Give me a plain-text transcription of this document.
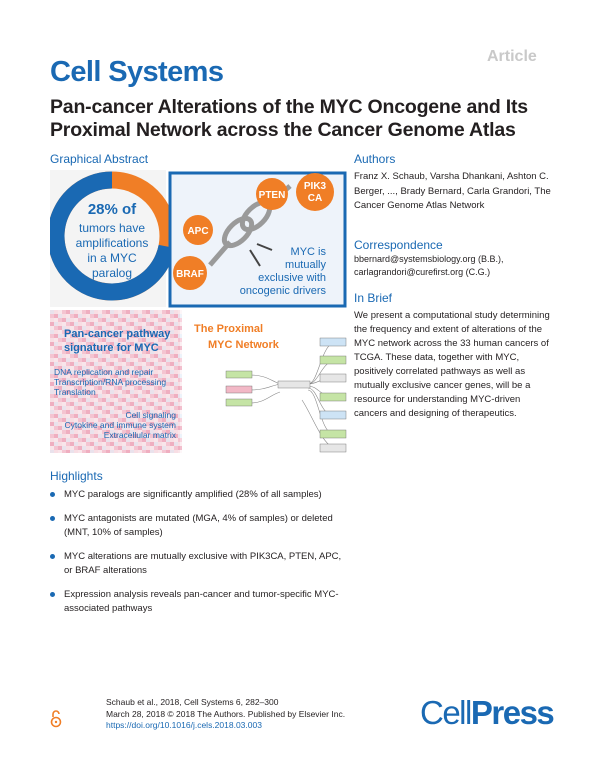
Article
Cell Systems
Pan-cancer Alterations of the MYC Oncogene and Its Proximal Network across the Cancer Genome Atlas
Graphical Abstract
28% of
tumors have
amplifications
in a MYC
paralog
PTEN
PIK3
CA
APC
BRAF
MYC is
mutually
exclusive with
oncogenic drivers
Pan-cancer pathway
signature for MYC
DNA replication and repair
Transcription/RNA processing
Translation
Cell signaling
Cytokine and immune system
Extracellular matrix
The Proximal
MYC Network
Authors
Franz X. Schaub, Varsha Dhankani, Ashton C. Berger, ..., Brady Bernard, Carla Grandori, The Cancer Genome Atlas Network
Correspondence
bbernard@systemsbiology.org (B.B.),
carlagrandori@curefirst.org (C.G.)
In Brief
We present a computational study determining the frequency and extent of alterations of the MYC network across the 33 human cancers of TCGA. These data, together with MYC, positively correlated pathways as well as mutually exclusive cancer genes, will be a resource for understanding MYC-driven cancers and designing of therapeutics.
Highlights
MYC paralogs are significantly amplified (28% of all samples)
MYC antagonists are mutated (MGA, 4% of samples) or deleted (MNT, 10% of samples)
MYC alterations are mutually exclusive with PIK3CA, PTEN, APC, or BRAF alterations
Expression analysis reveals pan-cancer and tumor-specific MYC-associated pathways
Schaub et al., 2018, Cell Systems 6, 282–300
March 28, 2018 © 2018 The Authors. Published by Elsevier Inc.
https://doi.org/10.1016/j.cels.2018.03.003	CellPress
